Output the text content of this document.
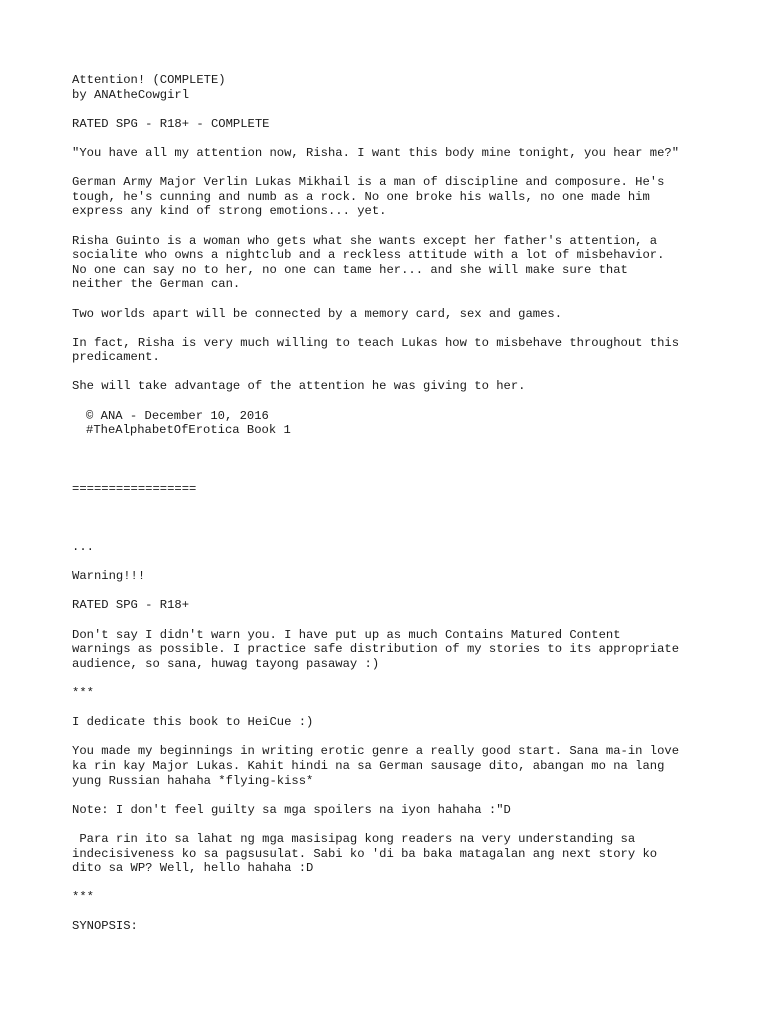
Attention! (COMPLETE)
by ANAtheCowgirl
RATED SPG - R18+ - COMPLETE
"You have all my attention now, Risha. I want this body mine tonight, you hear me?"
German Army Major Verlin Lukas Mikhail is a man of discipline and composure. He's
tough, he's cunning and numb as a rock. No one broke his walls, no one made him
express any kind of strong emotions... yet.
Risha Guinto is a woman who gets what she wants except her father's attention, a
socialite who owns a nightclub and a reckless attitude with a lot of misbehavior.
No one can say no to her, no one can tame her... and she will make sure that
neither the German can.
Two worlds apart will be connected by a memory card, sex and games.
In fact, Risha is very much willing to teach Lukas how to misbehave throughout this
predicament.
She will take advantage of the attention he was giving to her.
© ANA - December 10, 2016
#TheAlphabetOfErotica Book 1
=================
...
Warning!!!
RATED SPG - R18+
Don't say I didn't warn you. I have put up as much Contains Matured Content
warnings as possible. I practice safe distribution of my stories to its appropriate
audience, so sana, huwag tayong pasaway :)
***
I dedicate this book to HeiCue :)
You made my beginnings in writing erotic genre a really good start. Sana ma-in love
ka rin kay Major Lukas. Kahit hindi na sa German sausage dito, abangan mo na lang
yung Russian hahaha *flying-kiss*
Note: I don't feel guilty sa mga spoilers na iyon hahaha :"D
Para rin ito sa lahat ng mga masisipag kong readers na very understanding sa
indecisiveness ko sa pagsusulat. Sabi ko 'di ba baka matagalan ang next story ko
dito sa WP? Well, hello hahaha :D
***
SYNOPSIS:
